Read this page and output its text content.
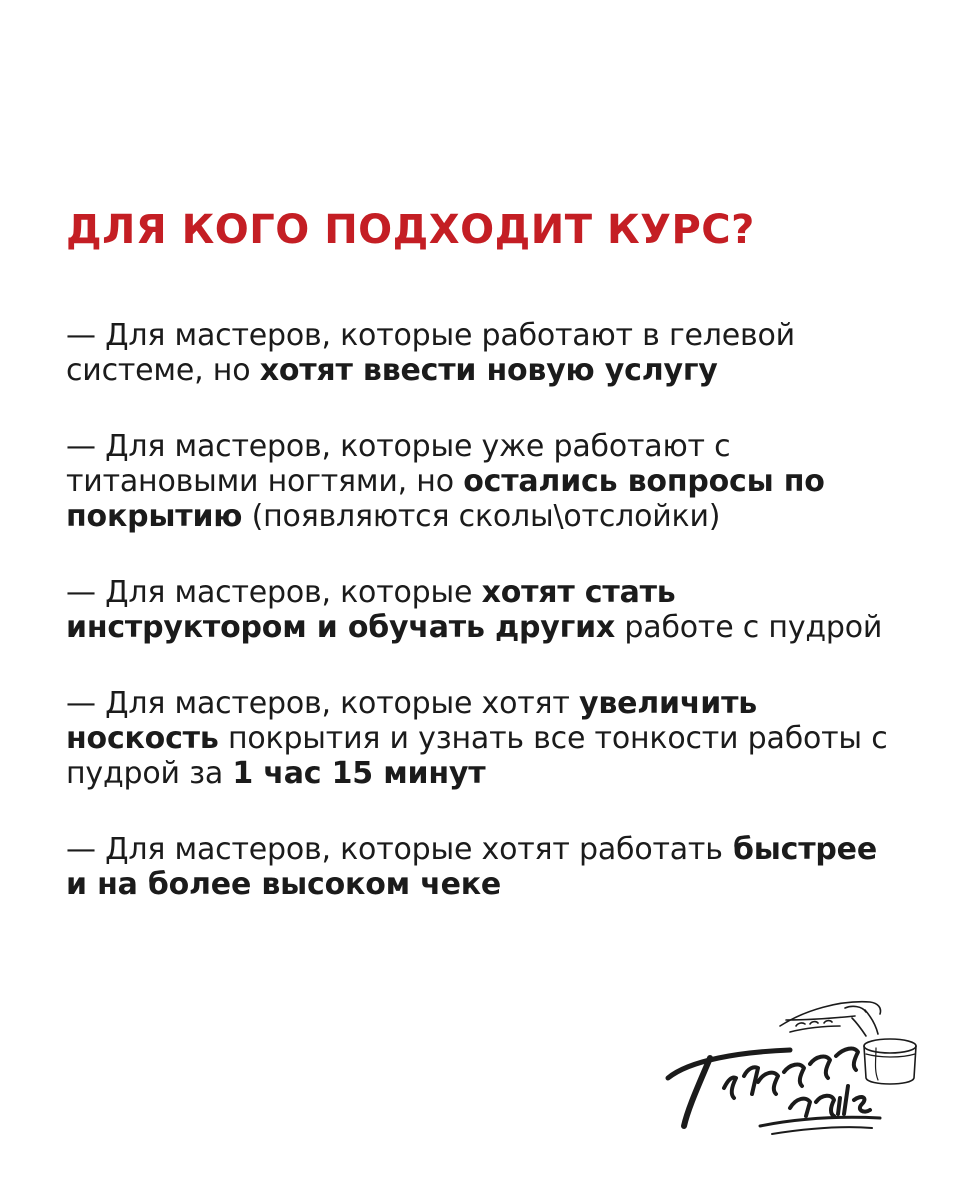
ДЛЯ КОГО ПОДХОДИТ КУРС?
— Для мастеров, которые работают в гелевой системе, но хотят ввести новую услугу
— Для мастеров, которые уже работают с титановыми ногтями, но остались вопросы по покрытию (появляются сколы\отслойки)
— Для мастеров, которые хотят стать инструктором и обучать других работе с пудрой
— Для мастеров, которые хотят увеличить носкость покрытия и узнать все тонкости работы с пудрой за 1 час 15 минут
— Для мастеров, которые хотят работать быстрее и на более высоком чеке
